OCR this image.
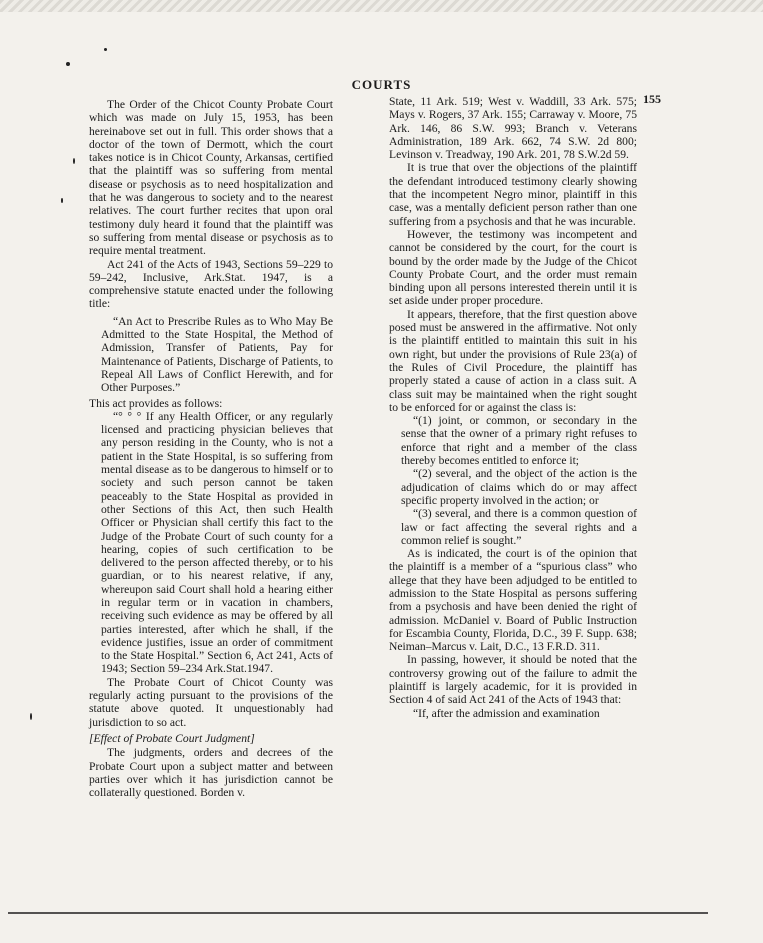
COURTS
155

The Order of the Chicot County Probate Court which was made on July 15, 1953, has been hereinabove set out in full. This order shows that a doctor of the town of Dermott, which the court takes notice is in Chicot County, Arkansas, certified that the plaintiff was so suffering from mental disease or psychosis as to need hospitalization and that he was dangerous to society and to the nearest relatives. The court further recites that upon oral testimony duly heard it found that the plaintiff was so suffering from mental disease or psychosis as to require mental treatment.

Act 241 of the Acts of 1943, Sections 59–229 to 59–242, Inclusive, Ark.Stat. 1947, is a comprehensive statute enacted under the following title:

“An Act to Prescribe Rules as to Who May Be Admitted to the State Hospital, the Method of Admission, Transfer of Patients, Pay for Maintenance of Patients, Discharge of Patients, to Repeal All Laws of Conflict Herewith, and for Other Purposes.”

This act provides as follows:

“° ° ° If any Health Officer, or any regularly licensed and practicing physician believes that any person residing in the County, who is not a patient in the State Hospital, is so suffering from mental disease as to be dangerous to himself or to society and such person cannot be taken peaceably to the State Hospital as provided in other Sections of this Act, then such Health Officer or Physician shall certify this fact to the Judge of the Probate Court of such county for a hearing, copies of such certification to be delivered to the person affected thereby, or to his guardian, or to his nearest relative, if any, whereupon said Court shall hold a hearing either in regular term or in vacation in chambers, receiving such evidence as may be offered by all parties interested, after which he shall, if the evidence justifies, issue an order of commitment to the State Hospital.” Section 6, Act 241, Acts of 1943; Section 59–234 Ark.Stat.1947.

The Probate Court of Chicot County was regularly acting pursuant to the provisions of the statute above quoted. It unquestionably had jurisdiction to so act.

[Effect of Probate Court Judgment]

The judgments, orders and decrees of the Probate Court upon a subject matter and between parties over which it has jurisdiction cannot be collaterally questioned. Borden v.

State, 11 Ark. 519; West v. Waddill, 33 Ark. 575; Mays v. Rogers, 37 Ark. 155; Carraway v. Moore, 75 Ark. 146, 86 S.W. 993; Branch v. Veterans Administration, 189 Ark. 662, 74 S.W. 2d 800; Levinson v. Treadway, 190 Ark. 201, 78 S.W.2d 59.

It is true that over the objections of the plaintiff the defendant introduced testimony clearly showing that the incompetent Negro minor, plaintiff in this case, was a mentally deficient person rather than one suffering from a psychosis and that he was incurable.

However, the testimony was incompetent and cannot be considered by the court, for the court is bound by the order made by the Judge of the Chicot County Probate Court, and the order must remain binding upon all persons interested therein until it is set aside under proper procedure.

It appears, therefore, that the first question above posed must be answered in the affirmative. Not only is the plaintiff entitled to maintain this suit in his own right, but under the provisions of Rule 23(a) of the Rules of Civil Procedure, the plaintiff has properly stated a cause of action in a class suit. A class suit may be maintained when the right sought to be enforced for or against the class is:

“(1) joint, or common, or secondary in the sense that the owner of a primary right refuses to enforce that right and a member of the class thereby becomes entitled to enforce it;

“(2) several, and the object of the action is the adjudication of claims which do or may affect specific property involved in the action; or

“(3) several, and there is a common question of law or fact affecting the several rights and a common relief is sought.”

As is indicated, the court is of the opinion that the plaintiff is a member of a “spurious class” who allege that they have been adjudged to be entitled to admission to the State Hospital as persons suffering from a psychosis and have been denied the right of admission. McDaniel v. Board of Public Instruction for Escambia County, Florida, D.C., 39 F. Supp. 638; Neiman–Marcus v. Lait, D.C., 13 F.R.D. 311.

In passing, however, it should be noted that the controversy growing out of the failure to admit the plaintiff is largely academic, for it is provided in Section 4 of said Act 241 of the Acts of 1943 that:

“If, after the admission and examination
